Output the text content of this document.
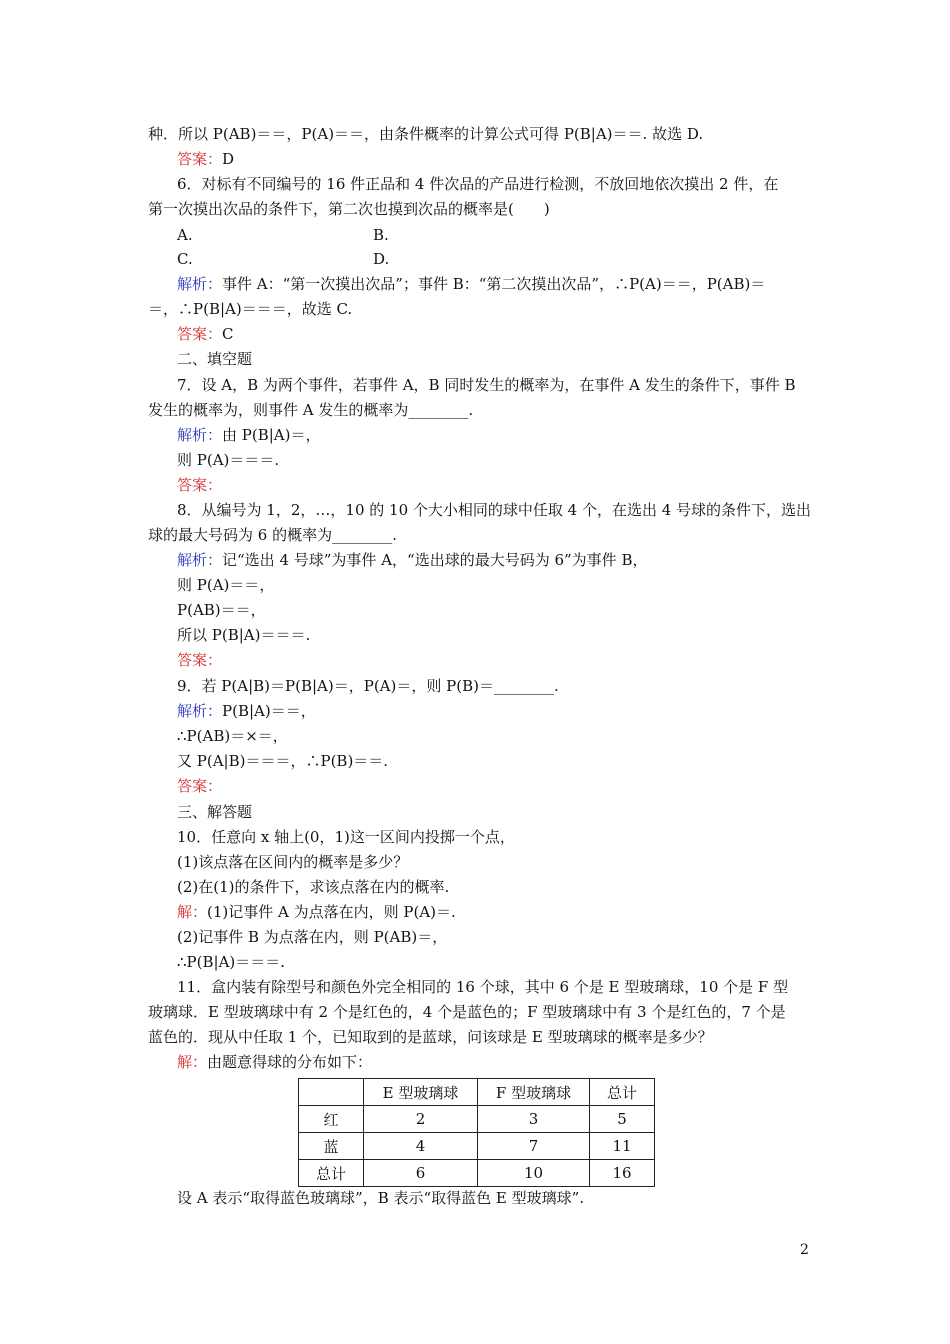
种．所以 P(AB)＝＝，P(A)＝＝，由条件概率的计算公式可得 P(B|A)＝＝. 故选 D.
答案：D
6．对标有不同编号的 16 件正品和 4 件次品的产品进行检测，不放回地依次摸出 2 件，在
第一次摸出次品的条件下，第二次也摸到次品的概率是(　　)
A.	B.
C.	D.
解析：事件 A：“第一次摸出次品”；事件 B：“第二次摸出次品”，∴P(A)＝＝，P(AB)＝
＝，∴P(B|A)＝＝＝，故选 C.
答案：C
二、填空题
7．设 A，B 为两个事件，若事件 A，B 同时发生的概率为，在事件 A 发生的条件下，事件 B
发生的概率为，则事件 A 发生的概率为________.
解析：由 P(B|A)＝，
则 P(A)＝＝＝.
答案：
8．从编号为 1，2，…，10 的 10 个大小相同的球中任取 4 个，在选出 4 号球的条件下，选出
球的最大号码为 6 的概率为________.
解析：记“选出 4 号球”为事件 A，“选出球的最大号码为 6”为事件 B，
则 P(A)＝＝，
P(AB)＝＝，
所以 P(B|A)＝＝＝.
答案：
9．若 P(A|B)＝P(B|A)＝，P(A)＝，则 P(B)＝________.
解析：P(B|A)＝＝，
∴P(AB)＝×＝，
又 P(A|B)＝＝＝，∴P(B)＝＝.
答案：
三、解答题
10．任意向 x 轴上(0，1)这一区间内投掷一个点，
(1)该点落在区间内的概率是多少？
(2)在(1)的条件下，求该点落在内的概率.
解：(1)记事件 A 为点落在内，则 P(A)＝.
(2)记事件 B 为点落在内，则 P(AB)＝，
∴P(B|A)＝＝＝.
11．盒内装有除型号和颜色外完全相同的 16 个球，其中 6 个是 E 型玻璃球，10 个是 F 型
玻璃球．E 型玻璃球中有 2 个是红色的，4 个是蓝色的；F 型玻璃球中有 3 个是红色的，7 个是
蓝色的．现从中任取 1 个，已知取到的是蓝球，问该球是 E 型玻璃球的概率是多少？
解：由题意得球的分布如下：
	E 型玻璃球	F 型玻璃球	总计
红	2	3	5
蓝	4	7	11
总计	6	10	16
设 A 表示“取得蓝色玻璃球”，B 表示“取得蓝色 E 型玻璃球”.
2
